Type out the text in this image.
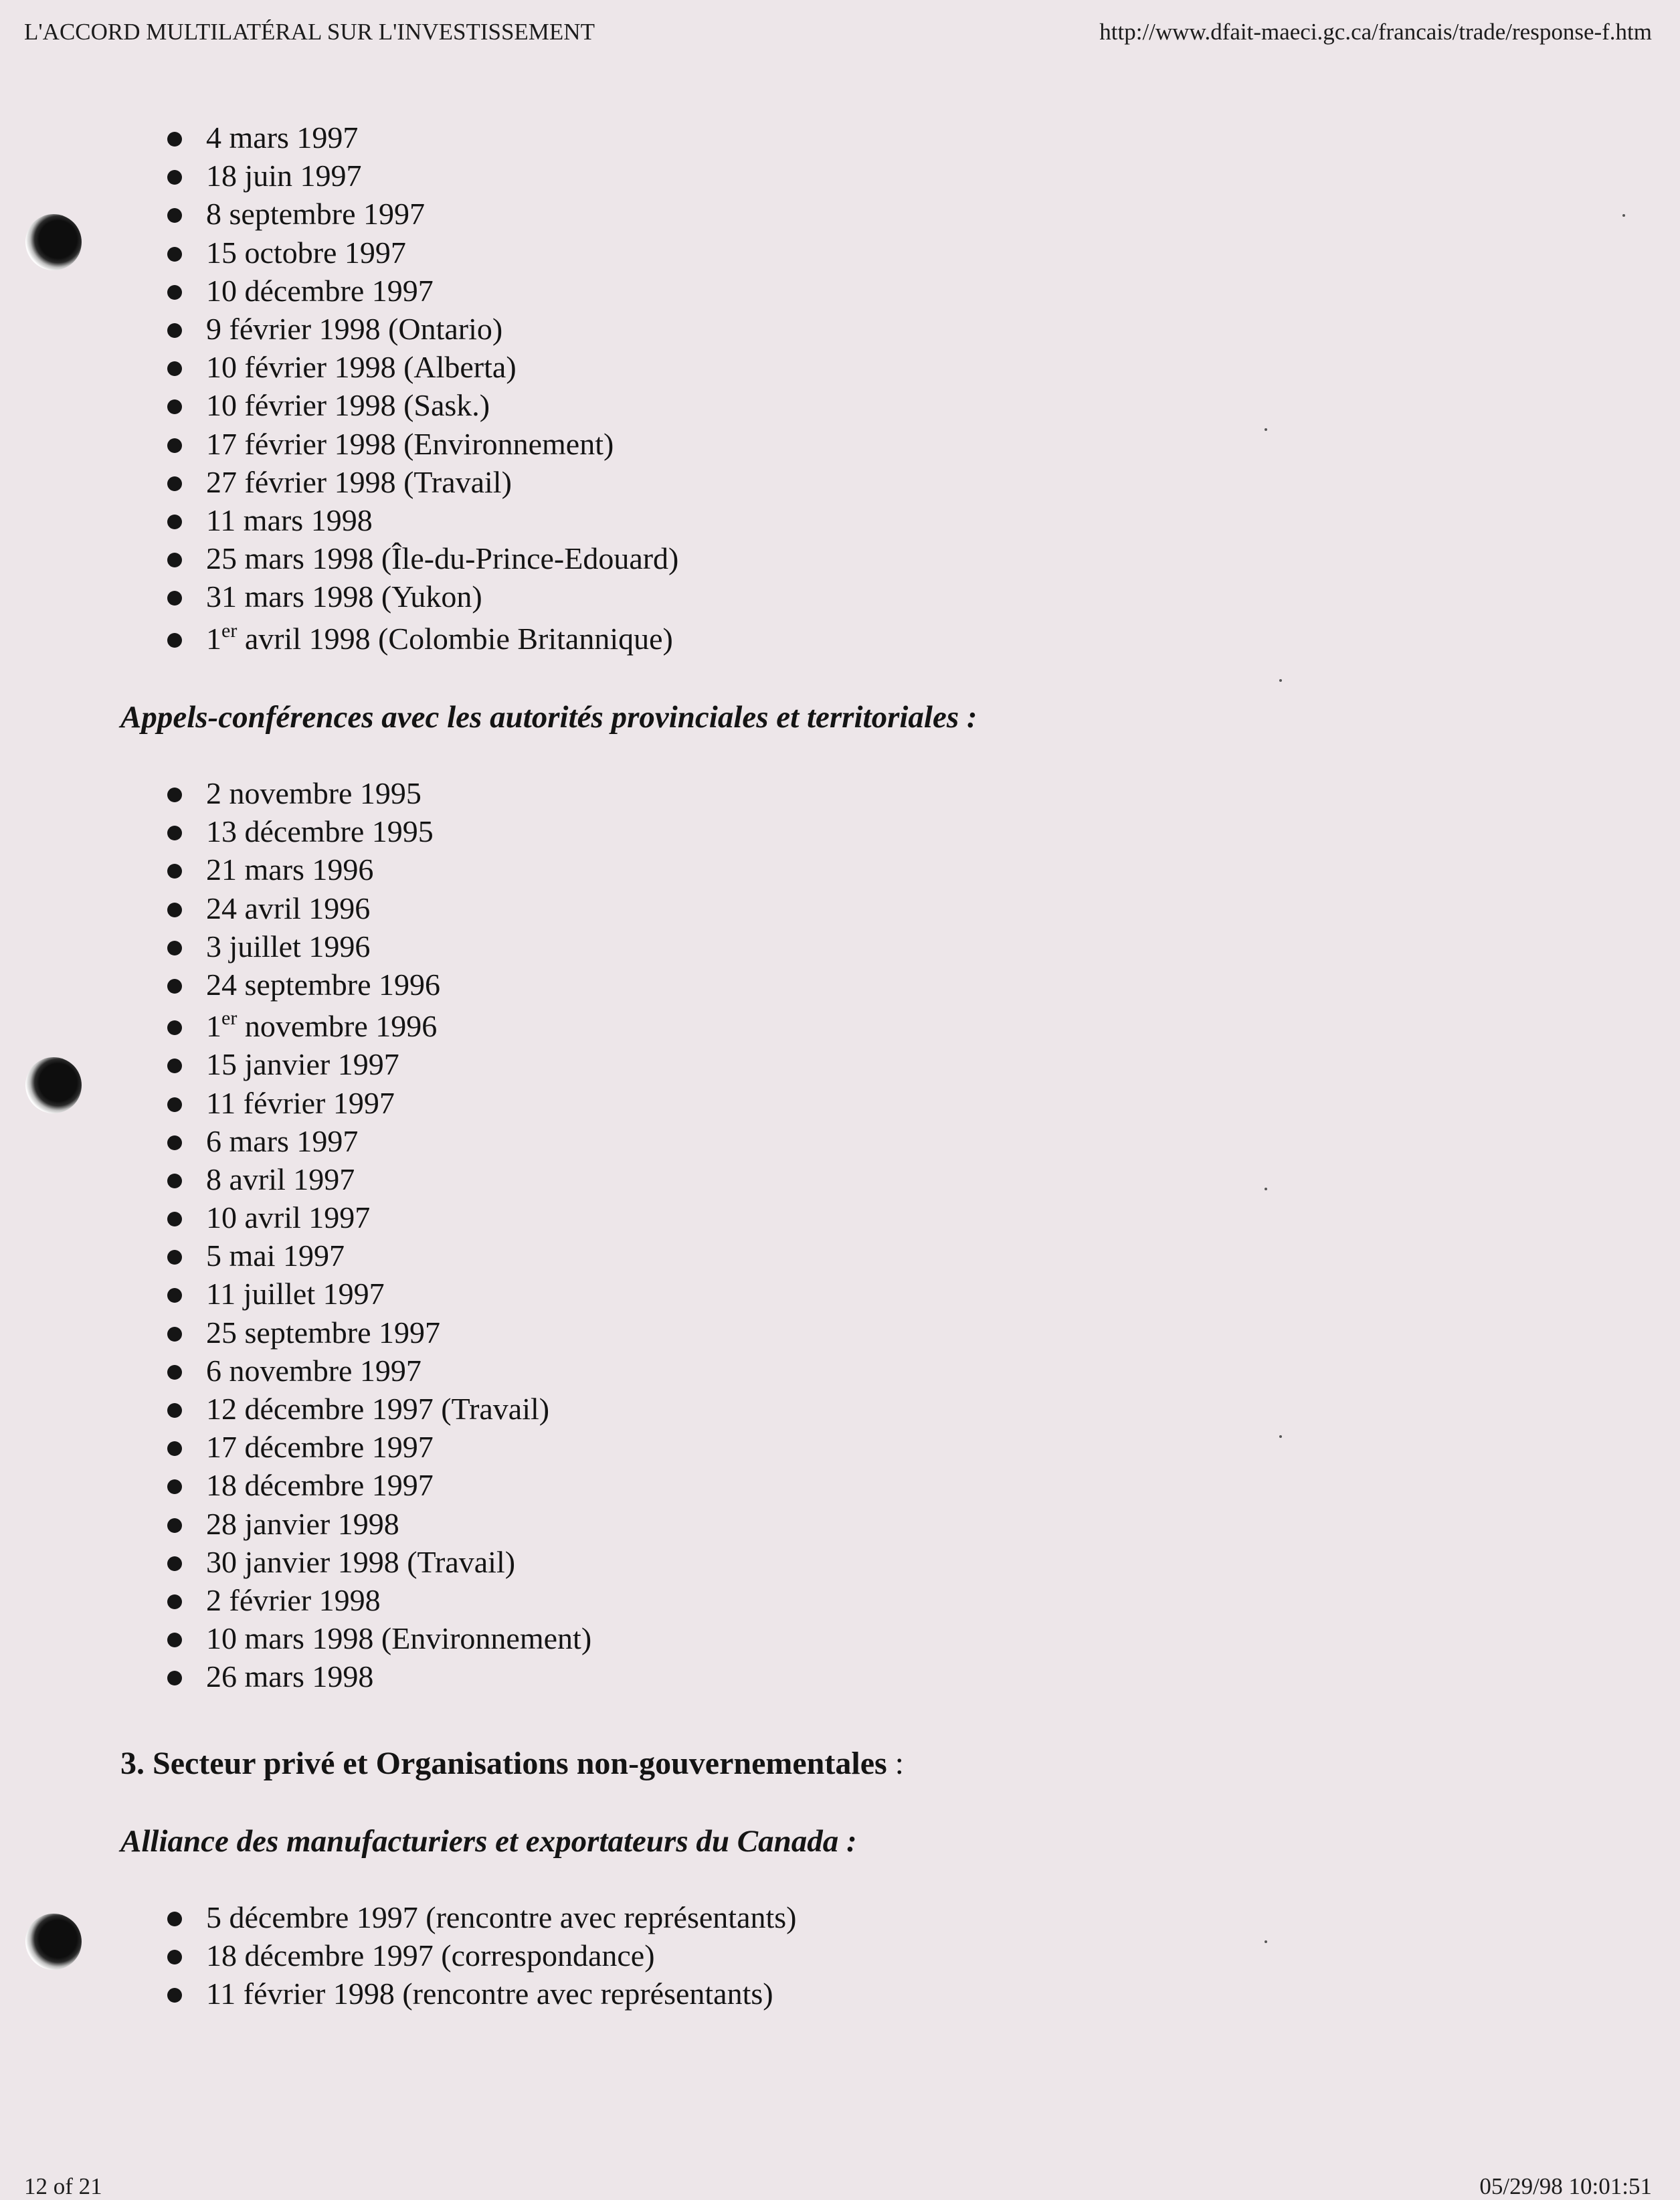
L'ACCORD MULTILATÉRAL SUR L'INVESTISSEMENT	http://www.dfait-maeci.gc.ca/francais/trade/response-f.htm
4 mars 1997
18 juin 1997
8 septembre 1997
15 octobre 1997
10 décembre 1997
9 février 1998 (Ontario)
10 février 1998 (Alberta)
10 février 1998 (Sask.)
17 février 1998 (Environnement)
27 février 1998 (Travail)
11 mars 1998
25 mars 1998 (Île-du-Prince-Edouard)
31 mars 1998 (Yukon)
1er avril 1998 (Colombie Britannique)
Appels-conférences avec les autorités provinciales et territoriales :
2 novembre 1995
13 décembre 1995
21 mars 1996
24 avril 1996
3 juillet 1996
24 septembre 1996
1er novembre 1996
15 janvier 1997
11 février 1997
6 mars 1997
8 avril 1997
10 avril 1997
5 mai 1997
11 juillet 1997
25 septembre 1997
6 novembre 1997
12 décembre 1997 (Travail)
17 décembre 1997
18 décembre 1997
28 janvier 1998
30 janvier 1998 (Travail)
2 février 1998
10 mars 1998 (Environnement)
26 mars 1998
3. Secteur privé et Organisations non-gouvernementales :
Alliance des manufacturiers et exportateurs du Canada :
5 décembre 1997 (rencontre avec représentants)
18 décembre 1997 (correspondance)
11 février 1998 (rencontre avec représentants)
12 of 21	05/29/98 10:01:51
